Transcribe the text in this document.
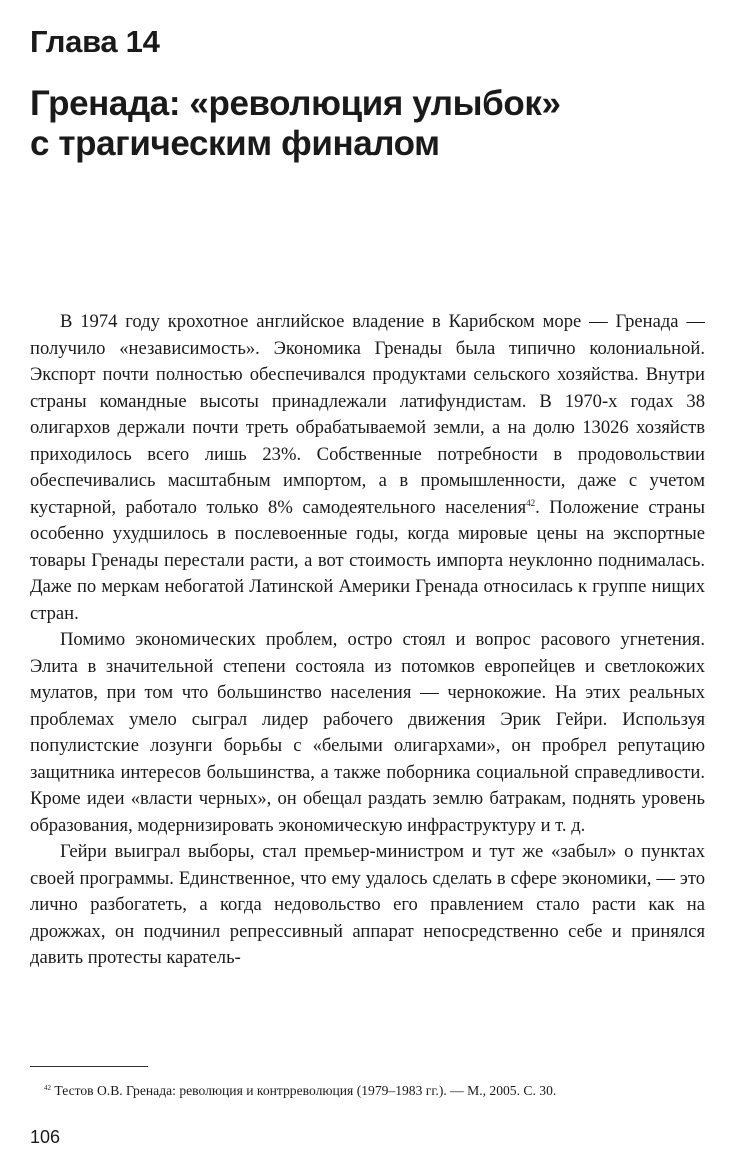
Глава 14
Гренада: «революция улыбок»
с трагическим финалом

В 1974 году крохотное английское владение в Карибском море — Гренада — получило «независимость». Экономика Гренады была типично колониальной. Экспорт почти полностью обеспечивался продуктами сельского хозяйства. Внутри страны командные высоты принадлежали латифундистам. В 1970-х годах 38 олигархов держали почти треть обрабатываемой земли, а на долю 13026 хозяйств приходилось всего лишь 23%. Собственные потребности в продовольствии обеспечивались масштабным импортом, а в промышленности, даже с учетом кустарной, работало только 8% самодеятельного населения$^{42}$. Положение страны особенно ухудшилось в послевоенные годы, когда мировые цены на экспортные товары Гренады перестали расти, а вот стоимость импорта неуклонно поднималась. Даже по меркам небогатой Латинской Америки Гренада относилась к группе нищих стран.

Помимо экономических проблем, остро стоял и вопрос расового угнетения. Элита в значительной степени состояла из потомков европейцев и светлокожих мулатов, при том что большинство населения — чернокожие. На этих реальных проблемах умело сыграл лидер рабочего движения Эрик Гейри. Используя популистские лозунги борьбы с «белыми олигархами», он пробрел репутацию защитника интересов большинства, а также поборника социальной справедливости. Кроме идеи «власти черных», он обещал раздать землю батракам, поднять уровень образования, модернизировать экономическую инфраструктуру и т. д.

Гейри выиграл выборы, стал премьер-министром и тут же «забыл» о пунктах своей программы. Единственное, что ему удалось сделать в сфере экономики, — это лично разбогатеть, а когда недовольство его правлением стало расти как на дрожжах, он подчинил репрессивный аппарат непосредственно себе и принялся давить протесты каратель-

$^{42}$ Тестов О.В. Гренада: революция и контрреволюция (1979–1983 гг.). — М., 2005. С. 30.

106
